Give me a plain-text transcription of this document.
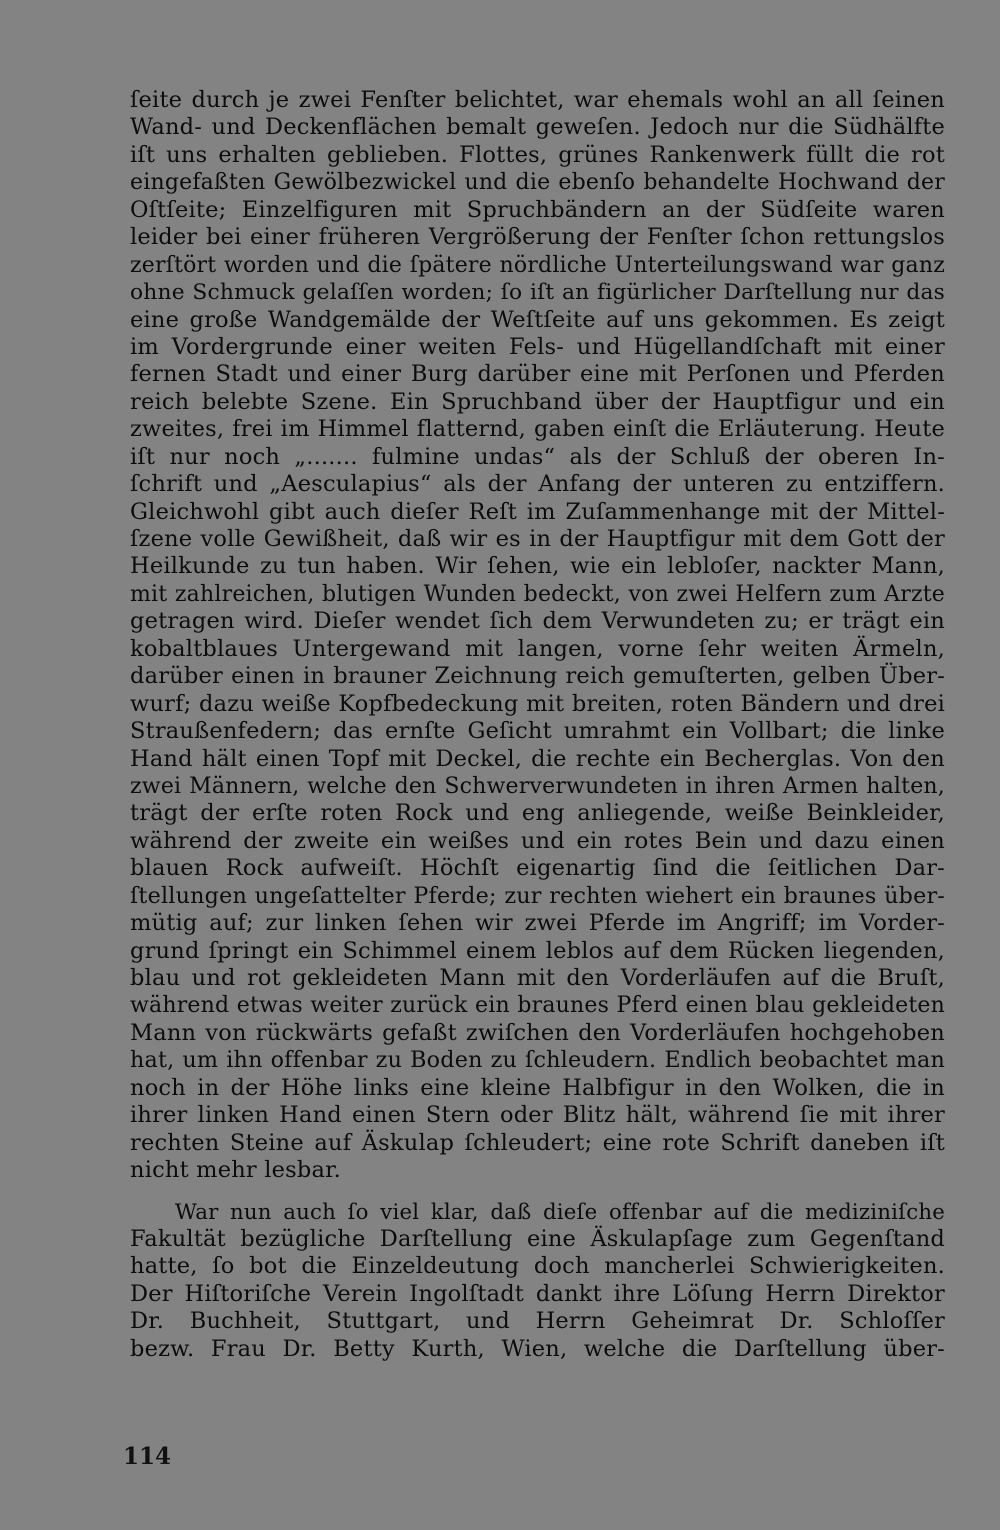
ſeite durch je zwei Fenſter belichtet, war ehemals wohl an all ſeinen
Wand- und Deckenflächen bemalt geweſen. Jedoch nur die Südhälfte
iſt uns erhalten geblieben. Flottes, grünes Rankenwerk füllt die rot
eingefaßten Gewölbezwickel und die ebenſo behandelte Hochwand der
Oſtſeite; Einzelfiguren mit Spruchbändern an der Südſeite waren
leider bei einer früheren Vergrößerung der Fenſter ſchon rettungslos
zerſtört worden und die ſpätere nördliche Unterteilungswand war ganz
ohne Schmuck gelaſſen worden; ſo iſt an figürlicher Darſtellung nur das
eine große Wandgemälde der Weſtſeite auf uns gekommen. Es zeigt
im Vordergrunde einer weiten Fels- und Hügellandſchaft mit einer
fernen Stadt und einer Burg darüber eine mit Perſonen und Pferden
reich belebte Szene. Ein Spruchband über der Hauptfigur und ein
zweites, frei im Himmel flatternd, gaben einſt die Erläuterung. Heute
iſt nur noch „....... fulmine undas“ als der Schluß der oberen In-
ſchrift und „Aesculapius“ als der Anfang der unteren zu entziffern.
Gleichwohl gibt auch dieſer Reſt im Zuſammenhange mit der Mittel-
ſzene volle Gewißheit, daß wir es in der Hauptfigur mit dem Gott der
Heilkunde zu tun haben. Wir ſehen, wie ein lebloſer, nackter Mann,
mit zahlreichen, blutigen Wunden bedeckt, von zwei Helfern zum Arzte
getragen wird. Dieſer wendet ſich dem Verwundeten zu; er trägt ein
kobaltblaues Untergewand mit langen, vorne ſehr weiten Ärmeln,
darüber einen in brauner Zeichnung reich gemuſterten, gelben Über-
wurf; dazu weiße Kopfbedeckung mit breiten, roten Bändern und drei
Straußenfedern; das ernſte Geſicht umrahmt ein Vollbart; die linke
Hand hält einen Topf mit Deckel, die rechte ein Becherglas. Von den
zwei Männern, welche den Schwerverwundeten in ihren Armen halten,
trägt der erſte roten Rock und eng anliegende, weiße Beinkleider,
während der zweite ein weißes und ein rotes Bein und dazu einen
blauen Rock aufweiſt. Höchſt eigenartig ſind die ſeitlichen Dar-
ſtellungen ungeſattelter Pferde; zur rechten wiehert ein braunes über-
mütig auf; zur linken ſehen wir zwei Pferde im Angriff; im Vorder-
grund ſpringt ein Schimmel einem leblos auf dem Rücken liegenden,
blau und rot gekleideten Mann mit den Vorderläufen auf die Bruſt,
während etwas weiter zurück ein braunes Pferd einen blau gekleideten
Mann von rückwärts gefaßt zwiſchen den Vorderläufen hochgehoben
hat, um ihn offenbar zu Boden zu ſchleudern. Endlich beobachtet man
noch in der Höhe links eine kleine Halbfigur in den Wolken, die in
ihrer linken Hand einen Stern oder Blitz hält, während ſie mit ihrer
rechten Steine auf Äskulap ſchleudert; eine rote Schrift daneben iſt
nicht mehr lesbar.
War nun auch ſo viel klar, daß dieſe offenbar auf die mediziniſche
Fakultät bezügliche Darſtellung eine Äskulapſage zum Gegenſtand
hatte, ſo bot die Einzeldeutung doch mancherlei Schwierigkeiten.
Der Hiſtoriſche Verein Ingolſtadt dankt ihre Löſung Herrn Direktor
Dr. Buchheit, Stuttgart, und Herrn Geheimrat Dr. Schloſſer
bezw. Frau Dr. Betty Kurth, Wien, welche die Darſtellung über-
114
